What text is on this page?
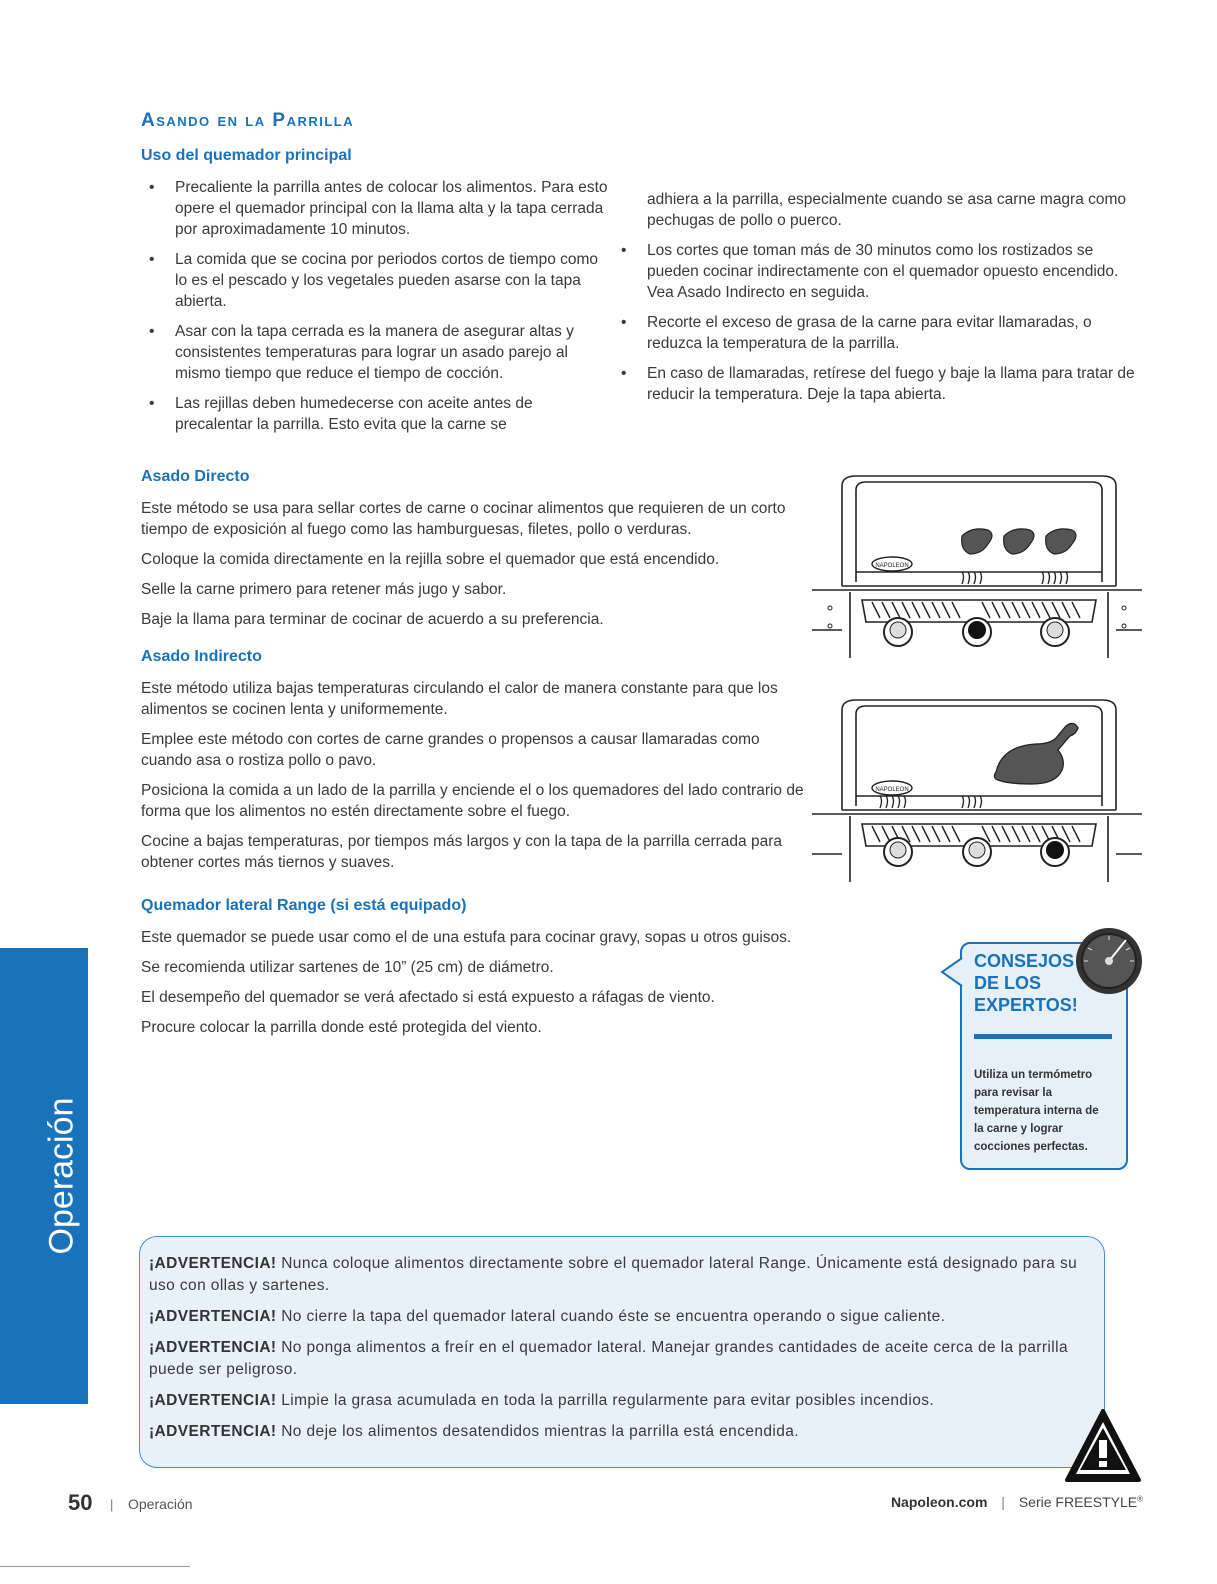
Asando en la Parrilla
Uso del quemador principal
• Precaliente la parrilla antes de colocar los alimentos. Para esto opere el quemador principal con la llama alta y la tapa cerrada por aproximadamente 10 minutos.
• La comida que se cocina por periodos cortos de tiempo como lo es el pescado y los vegetales pueden asarse con la tapa abierta.
• Asar con la tapa cerrada es la manera de asegurar altas y consistentes temperaturas para lograr un asado parejo al mismo tiempo que reduce el tiempo de cocción.
• Las rejillas deben humedecerse con aceite antes de precalentar la parrilla. Esto evita que la carne se
adhiera a la parrilla, especialmente cuando se asa carne magra como pechugas de pollo o puerco.
• Los cortes que toman más de 30 minutos como los rostizados se pueden cocinar indirectamente con el quemador opuesto encendido. Vea Asado Indirecto en seguida.
• Recorte el exceso de grasa de la carne para evitar llamaradas, o reduzca la temperatura de la parrilla.
• En caso de llamaradas, retírese del fuego y baje la llama para tratar de reducir la temperatura. Deje la tapa abierta.
Asado Directo

Este método se usa para sellar cortes de carne o cocinar alimentos que requieren de un corto tiempo de exposición al fuego como las hamburguesas, filetes, pollo o verduras.

Coloque la comida directamente en la rejilla sobre el quemador que está encendido.

Selle la carne primero para retener más jugo y sabor.

Baje la llama para terminar de cocinar de acuerdo a su preferencia.

Asado Indirecto

Este método utiliza bajas temperaturas circulando el calor de manera constante para que los alimentos se cocinen lenta y uniformemente.

Emplee este método con cortes de carne grandes o propensos a causar llamaradas como cuando asa o rostiza pollo o pavo.

Posiciona la comida a un lado de la parrilla y enciende el o los quemadores del lado contrario de forma que los alimentos no estén directamente sobre el fuego.

Cocine a bajas temperaturas, por tiempos más largos y con la tapa de la parrilla cerrada para obtener cortes más tiernos y suaves.

Quemador lateral Range (si está equipado)

Este quemador se puede usar como el de una estufa para cocinar gravy, sopas u otros guisos.

Se recomienda utilizar sartenes de 10” (25 cm) de diámetro.

El desempeño del quemador se verá afectado si está expuesto a ráfagas de viento.

Procure colocar la parrilla donde esté protegida del viento.

NAPOLEON
NAPOLEON
Operación
CONSEJOS DE LOS EXPERTOS!
Utiliza un termómetro para revisar la temperatura interna de la carne y lograr cocciones perfectas.

¡ADVERTENCIA! Nunca coloque alimentos directamente sobre el quemador lateral Range. Únicamente está designado para su uso con ollas y sartenes.

¡ADVERTENCIA! No cierre la tapa del quemador lateral cuando éste se encuentra operando o sigue caliente.

¡ADVERTENCIA! No ponga alimentos a freír en el quemador lateral. Manejar grandes cantidades de aceite cerca de la parrilla puede ser peligroso.

¡ADVERTENCIA! Limpie la grasa acumulada en toda la parrilla regularmente para evitar posibles incendios.

¡ADVERTENCIA! No deje los alimentos desatendidos mientras la parrilla está encendida.

50 | Operación	Napoleon.com | Serie FREESTYLE®
